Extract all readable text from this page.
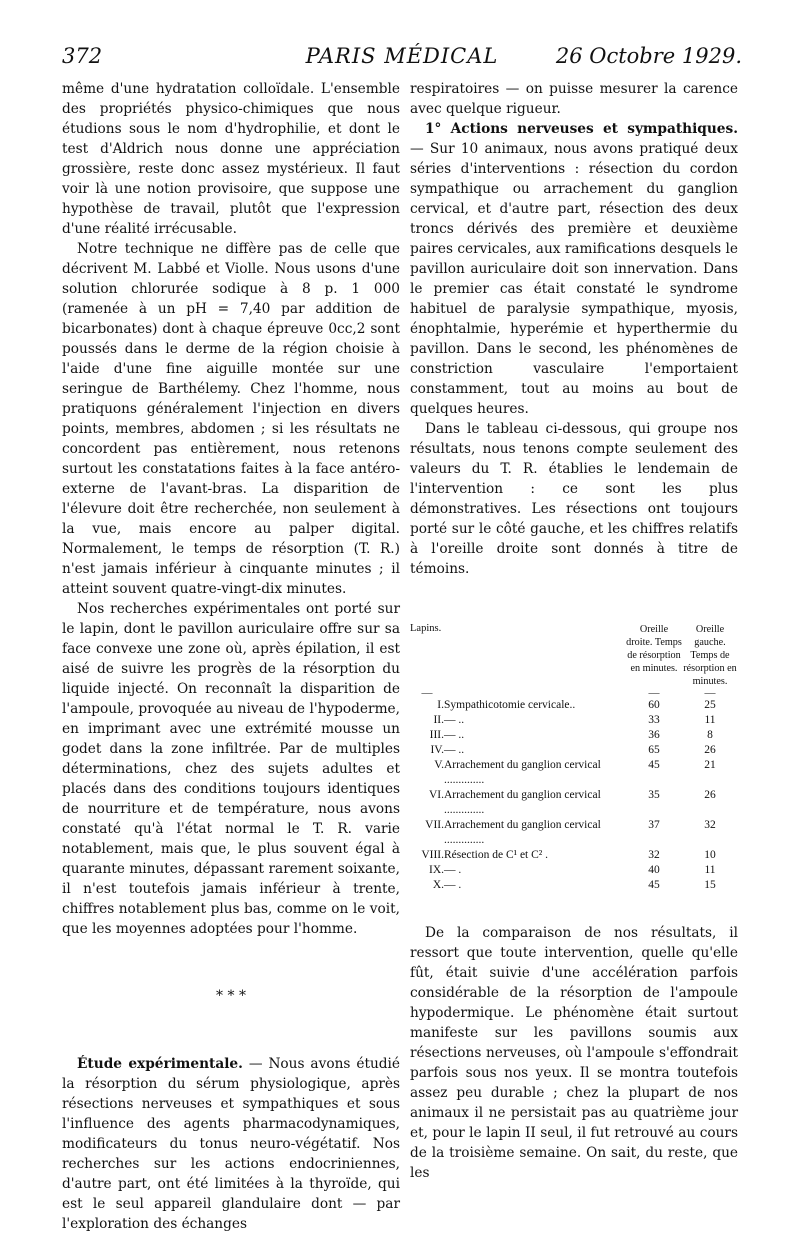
372	PARIS MÉDICAL	26 Octobre 1929.

même d'une hydratation colloïdale. L'ensemble des propriétés physico-chimiques que nous étudions sous le nom d'hydrophilie, et dont le test d'Aldrich nous donne une appréciation grossière, reste donc assez mystérieux. Il faut voir là une notion provisoire, que suppose une hypothèse de travail, plutôt que l'expression d'une réalité irrécusable.

Notre technique ne diffère pas de celle que décrivent M. Labbé et Violle. Nous usons d'une solution chlorurée sodique à 8 p. 1 000 (ramenée à un pH = 7,40 par addition de bicarbonates) dont à chaque épreuve 0cc,2 sont poussés dans le derme de la région choisie à l'aide d'une fine aiguille montée sur une seringue de Barthélemy. Chez l'homme, nous pratiquons généralement l'injection en divers points, membres, abdomen ; si les résultats ne concordent pas entièrement, nous retenons surtout les constatations faites à la face antéro-externe de l'avant-bras. La disparition de l'élevure doit être recherchée, non seulement à la vue, mais encore au palper digital. Normalement, le temps de résorption (T. R.) n'est jamais inférieur à cinquante minutes ; il atteint souvent quatre-vingt-dix minutes.

Nos recherches expérimentales ont porté sur le lapin, dont le pavillon auriculaire offre sur sa face convexe une zone où, après épilation, il est aisé de suivre les progrès de la résorption du liquide injecté. On reconnaît la disparition de l'ampoule, provoquée au niveau de l'hypoderme, en imprimant avec une extrémité mousse un godet dans la zone infiltrée. Par de multiples déterminations, chez des sujets adultes et placés dans des conditions toujours identiques de nourriture et de température, nous avons constaté qu'à l'état normal le T. R. varie notablement, mais que, le plus souvent égal à quarante minutes, dépassant rarement soixante, il n'est toutefois jamais inférieur à trente, chiffres notablement plus bas, comme on le voit, que les moyennes adoptées pour l'homme.

* * *

Étude expérimentale. — Nous avons étudié la résorption du sérum physiologique, après résections nerveuses et sympathiques et sous l'influence des agents pharmacodynamiques, modificateurs du tonus neuro-végétatif. Nos recherches sur les actions endocriniennes, d'autre part, ont été limitées à la thyroïde, qui est le seul appareil glandulaire dont — par l'exploration des échanges

respiratoires — on puisse mesurer la carence avec quelque rigueur.

1° Actions nerveuses et sympathiques. — Sur 10 animaux, nous avons pratiqué deux séries d'interventions : résection du cordon sympathique ou arrachement du ganglion cervical, et d'autre part, résection des deux troncs dérivés des première et deuxième paires cervicales, aux ramifications desquels le pavillon auriculaire doit son innervation. Dans le premier cas était constaté le syndrome habituel de paralysie sympathique, myosis, énophtalmie, hyperémie et hyperthermie du pavillon. Dans le second, les phénomènes de constriction vasculaire l'emportaient constamment, tout au moins au bout de quelques heures.

Dans le tableau ci-dessous, qui groupe nos résultats, nous tenons compte seulement des valeurs du T. R. établies le lendemain de l'intervention : ce sont les plus démonstratives. Les résections ont toujours porté sur le côté gauche, et les chiffres relatifs à l'oreille droite sont donnés à titre de témoins.

Lapins.		Oreille droite. Temps de résorption en minutes.	Oreille gauche. Temps de résorption en minutes.
—		—	—
I.	Sympathicotomie cervicale..	60	25
II.	— ..	33	11
III.	— ..	36	8
IV.	— ..	65	26
V.	Arrachement du ganglion cervical ..............	45	21
VI.	Arrachement du ganglion cervical ..............	35	26
VII.	Arrachement du ganglion cervical ..............	37	32
VIII.	Résection de C¹ et C² .	32	10
IX.	— .	40	11
X.	— .	45	15

De la comparaison de nos résultats, il ressort que toute intervention, quelle qu'elle fût, était suivie d'une accélération parfois considérable de la résorption de l'ampoule hypodermique. Le phénomène était surtout manifeste sur les pavillons soumis aux résections nerveuses, où l'ampoule s'effondrait parfois sous nos yeux. Il se montra toutefois assez peu durable ; chez la plupart de nos animaux il ne persistait pas au quatrième jour et, pour le lapin II seul, il fut retrouvé au cours de la troisième semaine. On sait, du reste, que les
